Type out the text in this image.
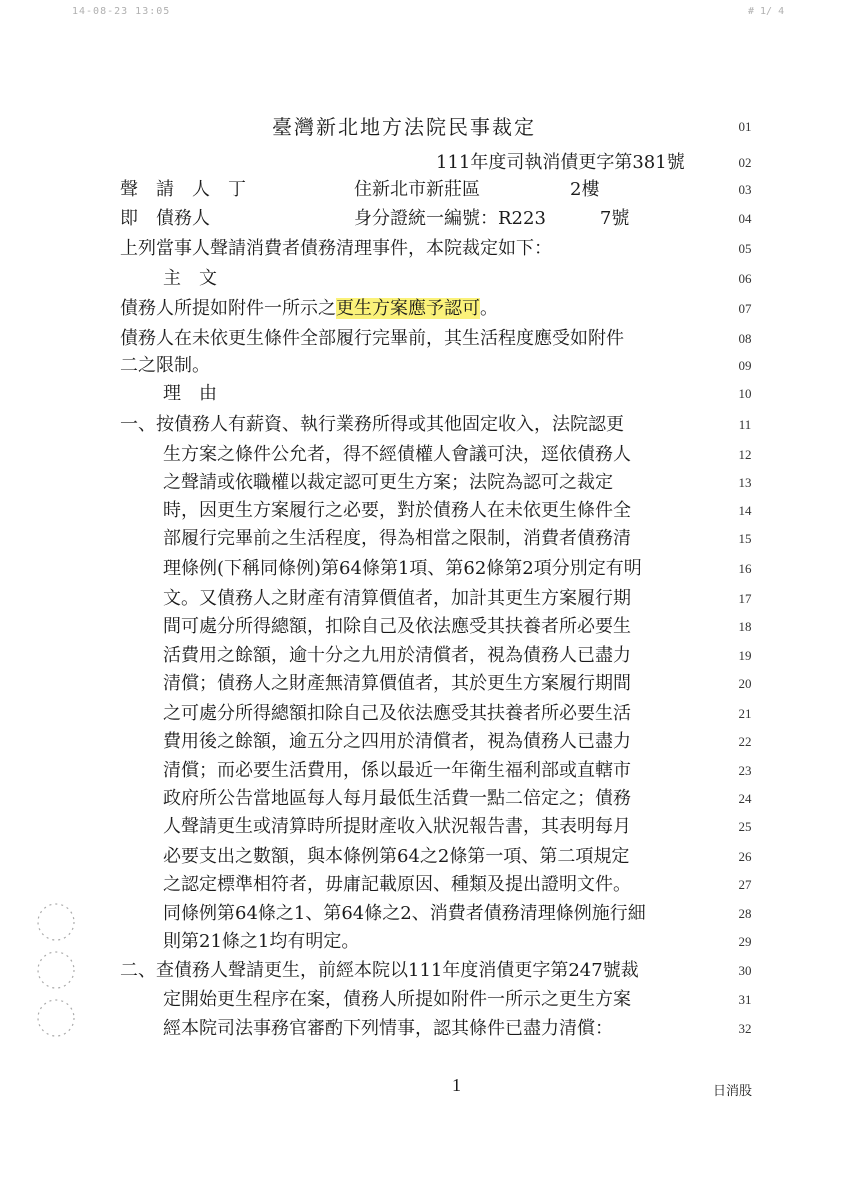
14-08-23 13:05	# 1/ 4
臺灣新北地方法院民事裁定	01
111年度司執消債更字第381號	02
聲　請　人　丁　　　　　　住新北市新莊區　　　　　2樓	03
即　債務人　　　　　　　　身分證統一編號：R223　　　7號	04
上列當事人聲請消費者債務清理事件，本院裁定如下：	05
主　文	06
債務人所提如附件一所示之更生方案應予認可。	07
債務人在未依更生條件全部履行完畢前，其生活程度應受如附件	08
二之限制。	09
理　由	10
一、按債務人有薪資、執行業務所得或其他固定收入，法院認更	11
生方案之條件公允者，得不經債權人會議可決，逕依債務人	12
之聲請或依職權以裁定認可更生方案；法院為認可之裁定	13
時，因更生方案履行之必要，對於債務人在未依更生條件全	14
部履行完畢前之生活程度，得為相當之限制，消費者債務清	15
理條例(下稱同條例)第64條第1項、第62條第2項分別定有明	16
文。又債務人之財產有清算價值者，加計其更生方案履行期	17
間可處分所得總額，扣除自己及依法應受其扶養者所必要生	18
活費用之餘額，逾十分之九用於清償者，視為債務人已盡力	19
清償；債務人之財產無清算價值者，其於更生方案履行期間	20
之可處分所得總額扣除自己及依法應受其扶養者所必要生活	21
費用後之餘額，逾五分之四用於清償者，視為債務人已盡力	22
清償；而必要生活費用，係以最近一年衛生福利部或直轄市	23
政府所公告當地區每人每月最低生活費一點二倍定之；債務	24
人聲請更生或清算時所提財產收入狀況報告書，其表明每月	25
必要支出之數額，與本條例第64之2條第一項、第二項規定	26
之認定標準相符者，毋庸記載原因、種類及提出證明文件。	27
同條例第64條之1、第64條之2、消費者債務清理條例施行細	28
則第21條之1均有明定。	29
二、查債務人聲請更生，前經本院以111年度消債更字第247號裁	30
定開始更生程序在案，債務人所提如附件一所示之更生方案	31
經本院司法事務官審酌下列情事，認其條件已盡力清償：	32
1	日消股
